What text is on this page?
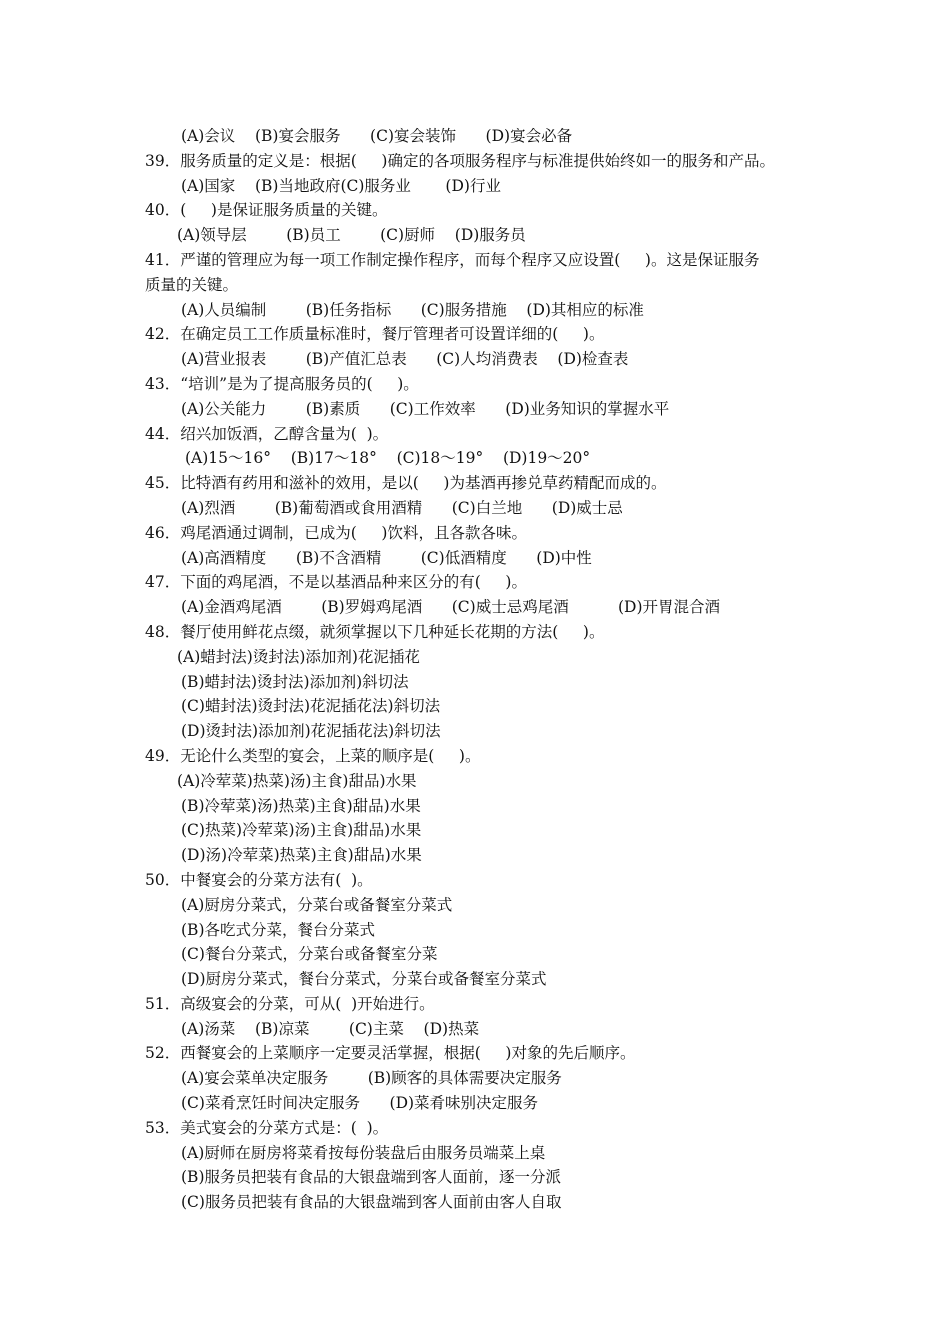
(A)会议    (B)宴会服务      (C)宴会装饰      (D)宴会必备
39．服务质量的定义是：根据(     )确定的各项服务程序与标准提供始终如一的服务和产品。
(A)国家    (B)当地政府(C)服务业       (D)行业
40．(     )是保证服务质量的关键。
(A)领导层        (B)员工        (C)厨师    (D)服务员
41．严谨的管理应为每一项工作制定操作程序，而每个程序又应设置(     )。这是保证服务
质量的关键。
(A)人员编制        (B)任务指标      (C)服务措施    (D)其相应的标准
42．在确定员工工作质量标准时，餐厅管理者可设置详细的(     )。
(A)营业报表        (B)产值汇总表      (C)人均消费表    (D)检查表
43．“培训”是为了提高服务员的(     )。
(A)公关能力        (B)素质      (C)工作效率      (D)业务知识的掌握水平
44．绍兴加饭酒，乙醇含量为(  )。
(A)15～16°    (B)17～18°    (C)18～19°    (D)19～20°
45．比特酒有药用和滋补的效用，是以(     )为基酒再掺兑草药精配而成的。
(A)烈酒        (B)葡萄酒或食用酒精      (C)白兰地      (D)威士忌
46．鸡尾酒通过调制，已成为(     )饮料，且各款各味。
(A)高酒精度      (B)不含酒精        (C)低酒精度      (D)中性
47．下面的鸡尾酒，不是以基酒品种来区分的有(     )。
(A)金酒鸡尾酒        (B)罗姆鸡尾酒      (C)威士忌鸡尾酒          (D)开胃混合酒
48．餐厅使用鲜花点缀，就须掌握以下几种延长花期的方法(     )。
(A)蜡封法)烫封法)添加剂)花泥插花
(B)蜡封法)烫封法)添加剂)斜切法
(C)蜡封法)烫封法)花泥插花法)斜切法
(D)烫封法)添加剂)花泥插花法)斜切法
49．无论什么类型的宴会，上菜的顺序是(     )。
(A)冷荤菜)热菜)汤)主食)甜品)水果
(B)冷荤菜)汤)热菜)主食)甜品)水果
(C)热菜)冷荤菜)汤)主食)甜品)水果
(D)汤)冷荤菜)热菜)主食)甜品)水果
50．中餐宴会的分菜方法有(  )。
(A)厨房分菜式，分菜台或备餐室分菜式
(B)各吃式分菜，餐台分菜式
(C)餐台分菜式，分菜台或备餐室分菜
(D)厨房分菜式，餐台分菜式，分菜台或备餐室分菜式
51．高级宴会的分菜，可从(  )开始进行。
(A)汤菜    (B)凉菜        (C)主菜    (D)热菜
52．西餐宴会的上菜顺序一定要灵活掌握，根据(     )对象的先后顺序。
(A)宴会菜单决定服务        (B)顾客的具体需要决定服务
(C)菜肴烹饪时间决定服务      (D)菜肴味别决定服务
53．美式宴会的分菜方式是：(  )。
(A)厨师在厨房将菜肴按每份装盘后由服务员端菜上桌
(B)服务员把装有食品的大银盘端到客人面前，逐一分派
(C)服务员把装有食品的大银盘端到客人面前由客人自取
